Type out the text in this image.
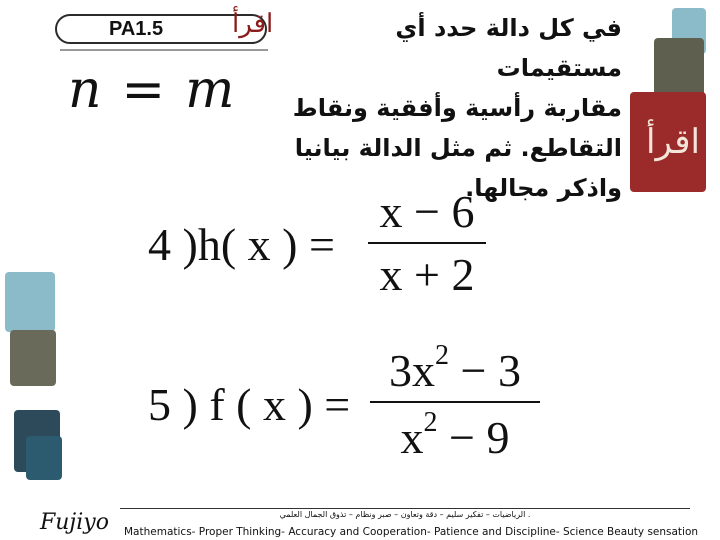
PA1.5	اقرأ
n = m
في كل دالة حدد أي مستقيمات
مقاربة رأسية وأفقية ونقاط
التقاطع. ثم مثل الدالة بيانيا
واذكر مجالها.
اقرأ
4 )h( x ) =
x − 6
x + 2
5 ) f ( x ) =
$3x^2 - 3$
$x^2 - 9$
Fujiyo	. الرياضيات – تفكير سليم – دقة وتعاون – صبر ونظام – تذوق الجمال العلمي
Mathematics- Proper Thinking- Accuracy and Cooperation- Patience and Discipline- Science Beauty sensation
